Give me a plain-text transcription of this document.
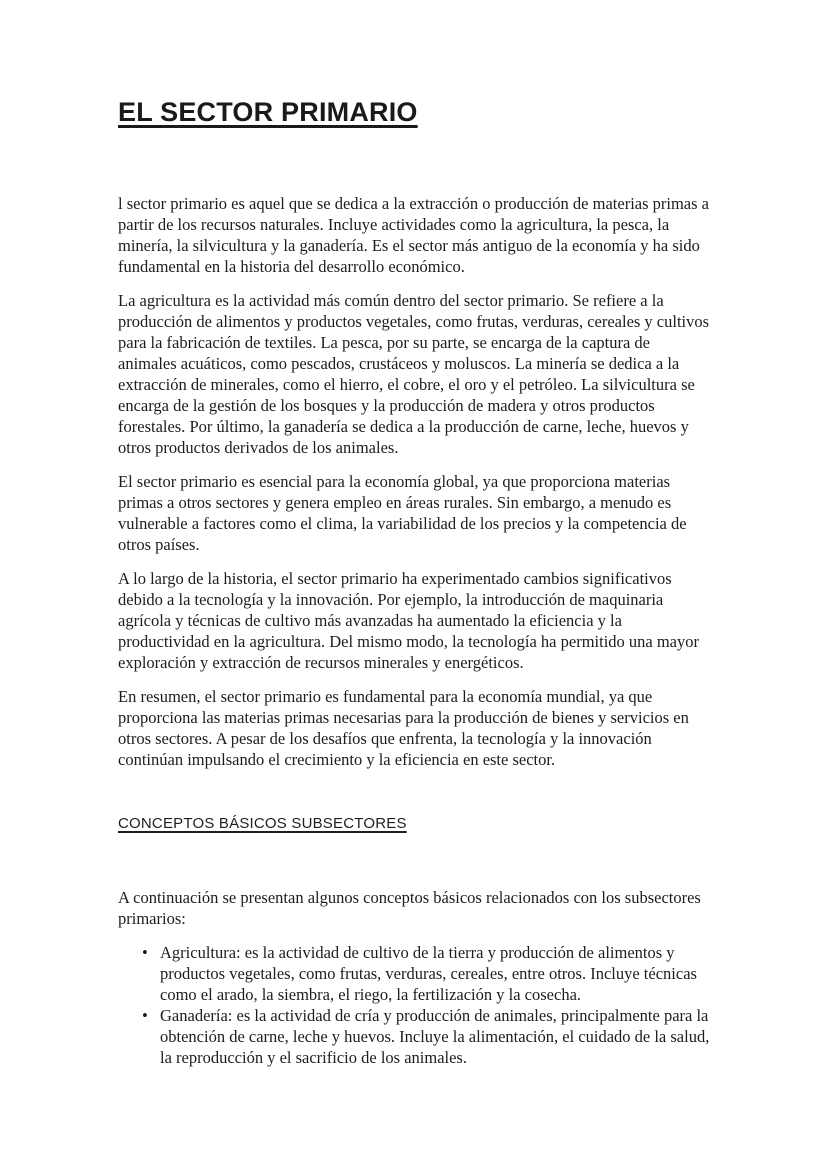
EL SECTOR PRIMARIO

l sector primario es aquel que se dedica a la extracción o producción de materias primas a partir de los recursos naturales. Incluye actividades como la agricultura, la pesca, la minería, la silvicultura y la ganadería. Es el sector más antiguo de la economía y ha sido fundamental en la historia del desarrollo económico.

La agricultura es la actividad más común dentro del sector primario. Se refiere a la producción de alimentos y productos vegetales, como frutas, verduras, cereales y cultivos para la fabricación de textiles. La pesca, por su parte, se encarga de la captura de animales acuáticos, como pescados, crustáceos y moluscos. La minería se dedica a la extracción de minerales, como el hierro, el cobre, el oro y el petróleo. La silvicultura se encarga de la gestión de los bosques y la producción de madera y otros productos forestales. Por último, la ganadería se dedica a la producción de carne, leche, huevos y otros productos derivados de los animales.

El sector primario es esencial para la economía global, ya que proporciona materias primas a otros sectores y genera empleo en áreas rurales. Sin embargo, a menudo es vulnerable a factores como el clima, la variabilidad de los precios y la competencia de otros países.

A lo largo de la historia, el sector primario ha experimentado cambios significativos debido a la tecnología y la innovación. Por ejemplo, la introducción de maquinaria agrícola y técnicas de cultivo más avanzadas ha aumentado la eficiencia y la productividad en la agricultura. Del mismo modo, la tecnología ha permitido una mayor exploración y extracción de recursos minerales y energéticos.

En resumen, el sector primario es fundamental para la economía mundial, ya que proporciona las materias primas necesarias para la producción de bienes y servicios en otros sectores. A pesar de los desafíos que enfrenta, la tecnología y la innovación continúan impulsando el crecimiento y la eficiencia en este sector.

CONCEPTOS BÁSICOS SUBSECTORES

A continuación se presentan algunos conceptos básicos relacionados con los subsectores primarios:

• Agricultura: es la actividad de cultivo de la tierra y producción de alimentos y productos vegetales, como frutas, verduras, cereales, entre otros. Incluye técnicas como el arado, la siembra, el riego, la fertilización y la cosecha.
• Ganadería: es la actividad de cría y producción de animales, principalmente para la obtención de carne, leche y huevos. Incluye la alimentación, el cuidado de la salud, la reproducción y el sacrificio de los animales.
